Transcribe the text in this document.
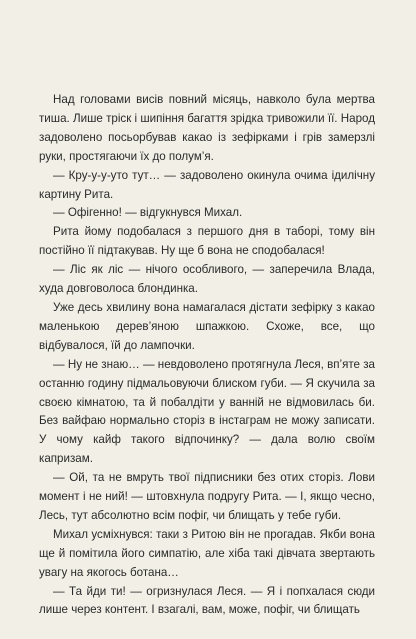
Над головами висів повний місяць, навколо була мертва тиша. Лише тріск і шипіння багаття зрідка тривожили її. Народ задоволено посьорбував какао із зефірками і грів замерзлі руки, простягаючи їх до полум’я.

— Кру-у-у-уто тут… — задоволено окинула очима ідилічну картину Рита.

— Офігенно! — відгукнувся Михал.

Рита йому подобалася з першого дня в таборі, тому він постійно її підтакував. Ну ще б вона не сподобалася!

— Ліс як ліс — нічого особливого, — заперечила Влада, худа довговолоса блондинка.

Уже десь хвилину вона намагалася дістати зефірку з какао маленькою дерев’яною шпажкою. Схоже, все, що відбувалося, їй до лампочки.

— Ну не знаю… — невдоволено протягнула Леся, вп’яте за останню годину підмальовуючи блиском губи. — Я скучила за своєю кімнатою, та й побалдіти у ванній не відмовилась би. Без вайфаю нормально сторіз в інстаграм не можу записати. У чому кайф такого відпочинку? — дала волю своїм капризам.

— Ой, та не вмруть твої підписники без отих сторіз. Лови момент і не ний! — штовхнула подругу Рита. — І, якщо чесно, Лесь, тут абсолютно всім пофіг, чи блищать у тебе губи.

Михал усміхнувся: таки з Ритою він не прогадав. Якби вона ще й помітила його симпатію, але хіба такі дівчата звертають увагу на якогось ботана…

— Та йди ти! — огризнулася Леся. — Я і попхалася сюди лише через контент. І взагалі, вам, може, пофіг, чи блищать
